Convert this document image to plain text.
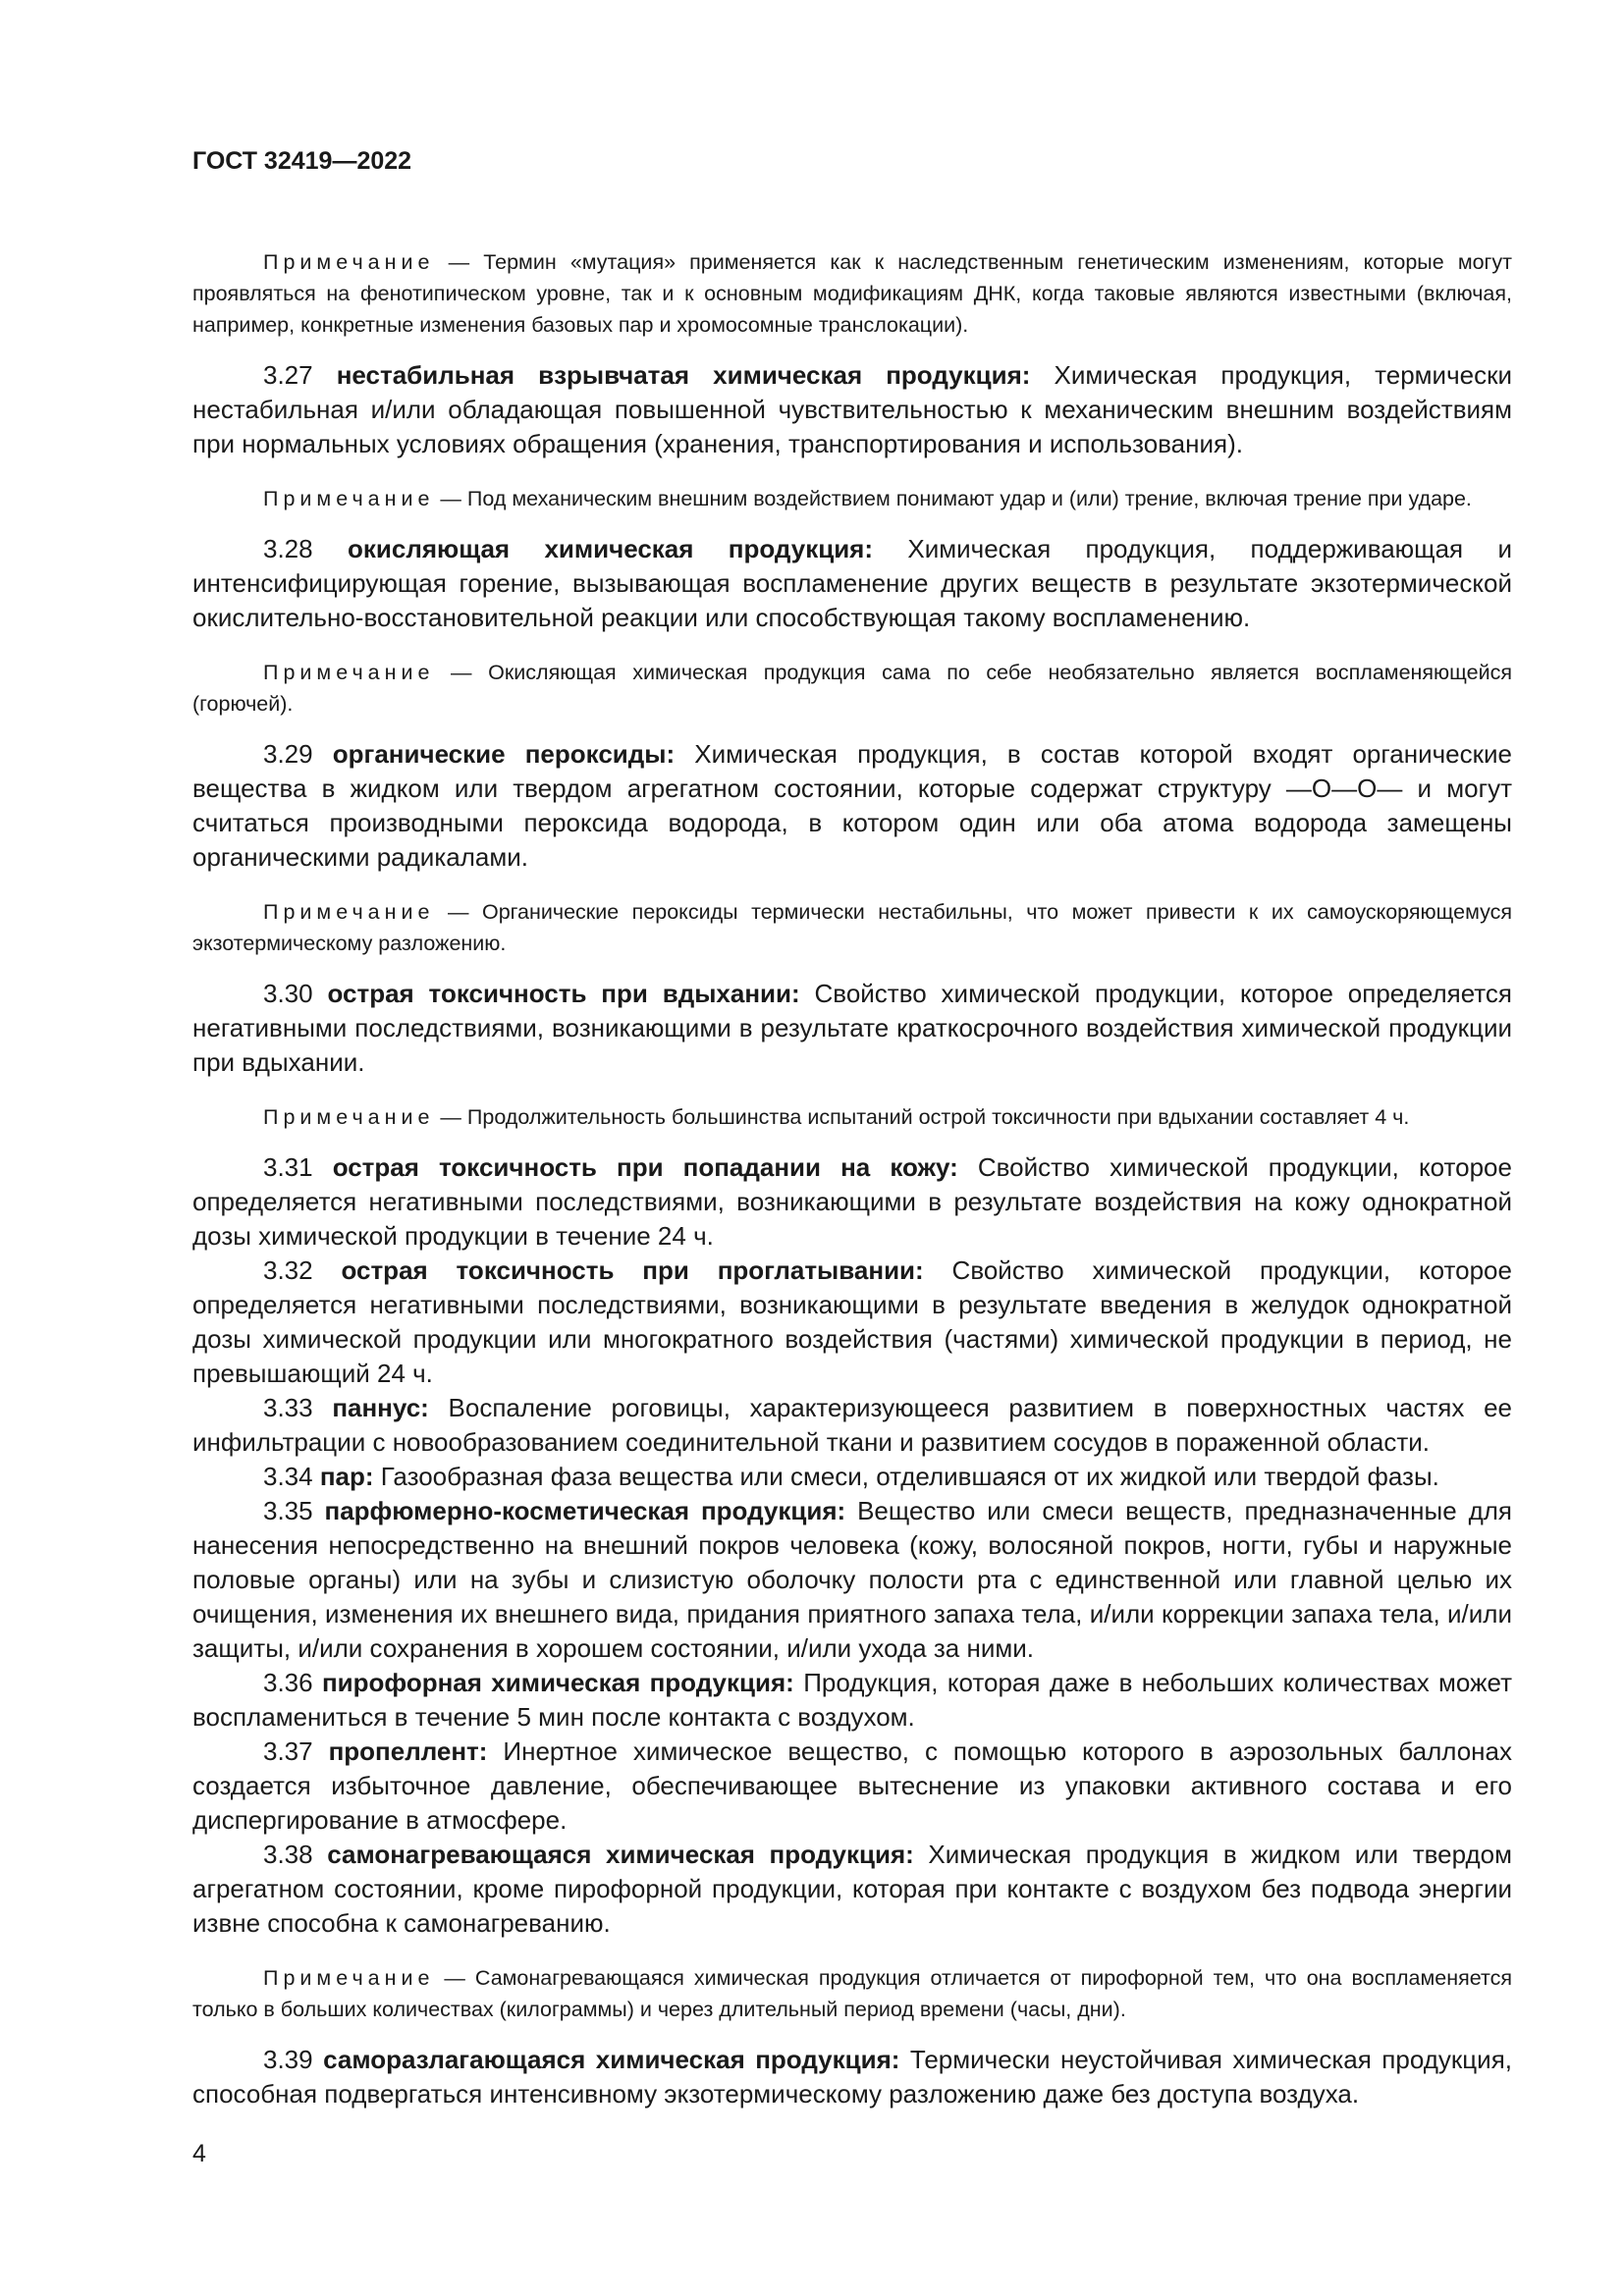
ГОСТ 32419—2022

Примечание — Термин «мутация» применяется как к наследственным генетическим изменениям, которые могут проявляться на фенотипическом уровне, так и к основным модификациям ДНК, когда таковые являются известными (включая, например, конкретные изменения базовых пар и хромосомные транслокации).

3.27 нестабильная взрывчатая химическая продукция: Химическая продукция, термически нестабильная и/или обладающая повышенной чувствительностью к механическим внешним воздействиям при нормальных условиях обращения (хранения, транспортирования и использования).

Примечание — Под механическим внешним воздействием понимают удар и (или) трение, включая трение при ударе.

3.28 окисляющая химическая продукция: Химическая продукция, поддерживающая и интенсифицирующая горение, вызывающая воспламенение других веществ в результате экзотермической окислительно-восстановительной реакции или способствующая такому воспламенению.

Примечание — Окисляющая химическая продукция сама по себе необязательно является воспламеняющейся (горючей).

3.29 органические пероксиды: Химическая продукция, в состав которой входят органические вещества в жидком или твердом агрегатном состоянии, которые содержат структуру —O—O— и могут считаться производными пероксида водорода, в котором один или оба атома водорода замещены органическими радикалами.

Примечание — Органические пероксиды термически нестабильны, что может привести к их самоускоряющемуся экзотермическому разложению.

3.30 острая токсичность при вдыхании: Свойство химической продукции, которое определяется негативными последствиями, возникающими в результате краткосрочного воздействия химической продукции при вдыхании.

Примечание — Продолжительность большинства испытаний острой токсичности при вдыхании составляет 4 ч.

3.31 острая токсичность при попадании на кожу: Свойство химической продукции, которое определяется негативными последствиями, возникающими в результате воздействия на кожу однократной дозы химической продукции в течение 24 ч.

3.32 острая токсичность при проглатывании: Свойство химической продукции, которое определяется негативными последствиями, возникающими в результате введения в желудок однократной дозы химической продукции или многократного воздействия (частями) химической продукции в период, не превышающий 24 ч.

3.33 паннус: Воспаление роговицы, характеризующееся развитием в поверхностных частях ее инфильтрации с новообразованием соединительной ткани и развитием сосудов в пораженной области.

3.34 пар: Газообразная фаза вещества или смеси, отделившаяся от их жидкой или твердой фазы.

3.35 парфюмерно-косметическая продукция: Вещество или смеси веществ, предназначенные для нанесения непосредственно на внешний покров человека (кожу, волосяной покров, ногти, губы и наружные половые органы) или на зубы и слизистую оболочку полости рта с единственной или главной целью их очищения, изменения их внешнего вида, придания приятного запаха тела, и/или коррекции запаха тела, и/или защиты, и/или сохранения в хорошем состоянии, и/или ухода за ними.

3.36 пирофорная химическая продукция: Продукция, которая даже в небольших количествах может воспламениться в течение 5 мин после контакта с воздухом.

3.37 пропеллент: Инертное химическое вещество, с помощью которого в аэрозольных баллонах создается избыточное давление, обеспечивающее вытеснение из упаковки активного состава и его диспергирование в атмосфере.

3.38 самонагревающаяся химическая продукция: Химическая продукция в жидком или твердом агрегатном состоянии, кроме пирофорной продукции, которая при контакте с воздухом без подвода энергии извне способна к самонагреванию.

Примечание — Самонагревающаяся химическая продукция отличается от пирофорной тем, что она воспламеняется только в больших количествах (килограммы) и через длительный период времени (часы, дни).

3.39 саморазлагающаяся химическая продукция: Термически неустойчивая химическая продукция, способная подвергаться интенсивному экзотермическому разложению даже без доступа воздуха.

4
